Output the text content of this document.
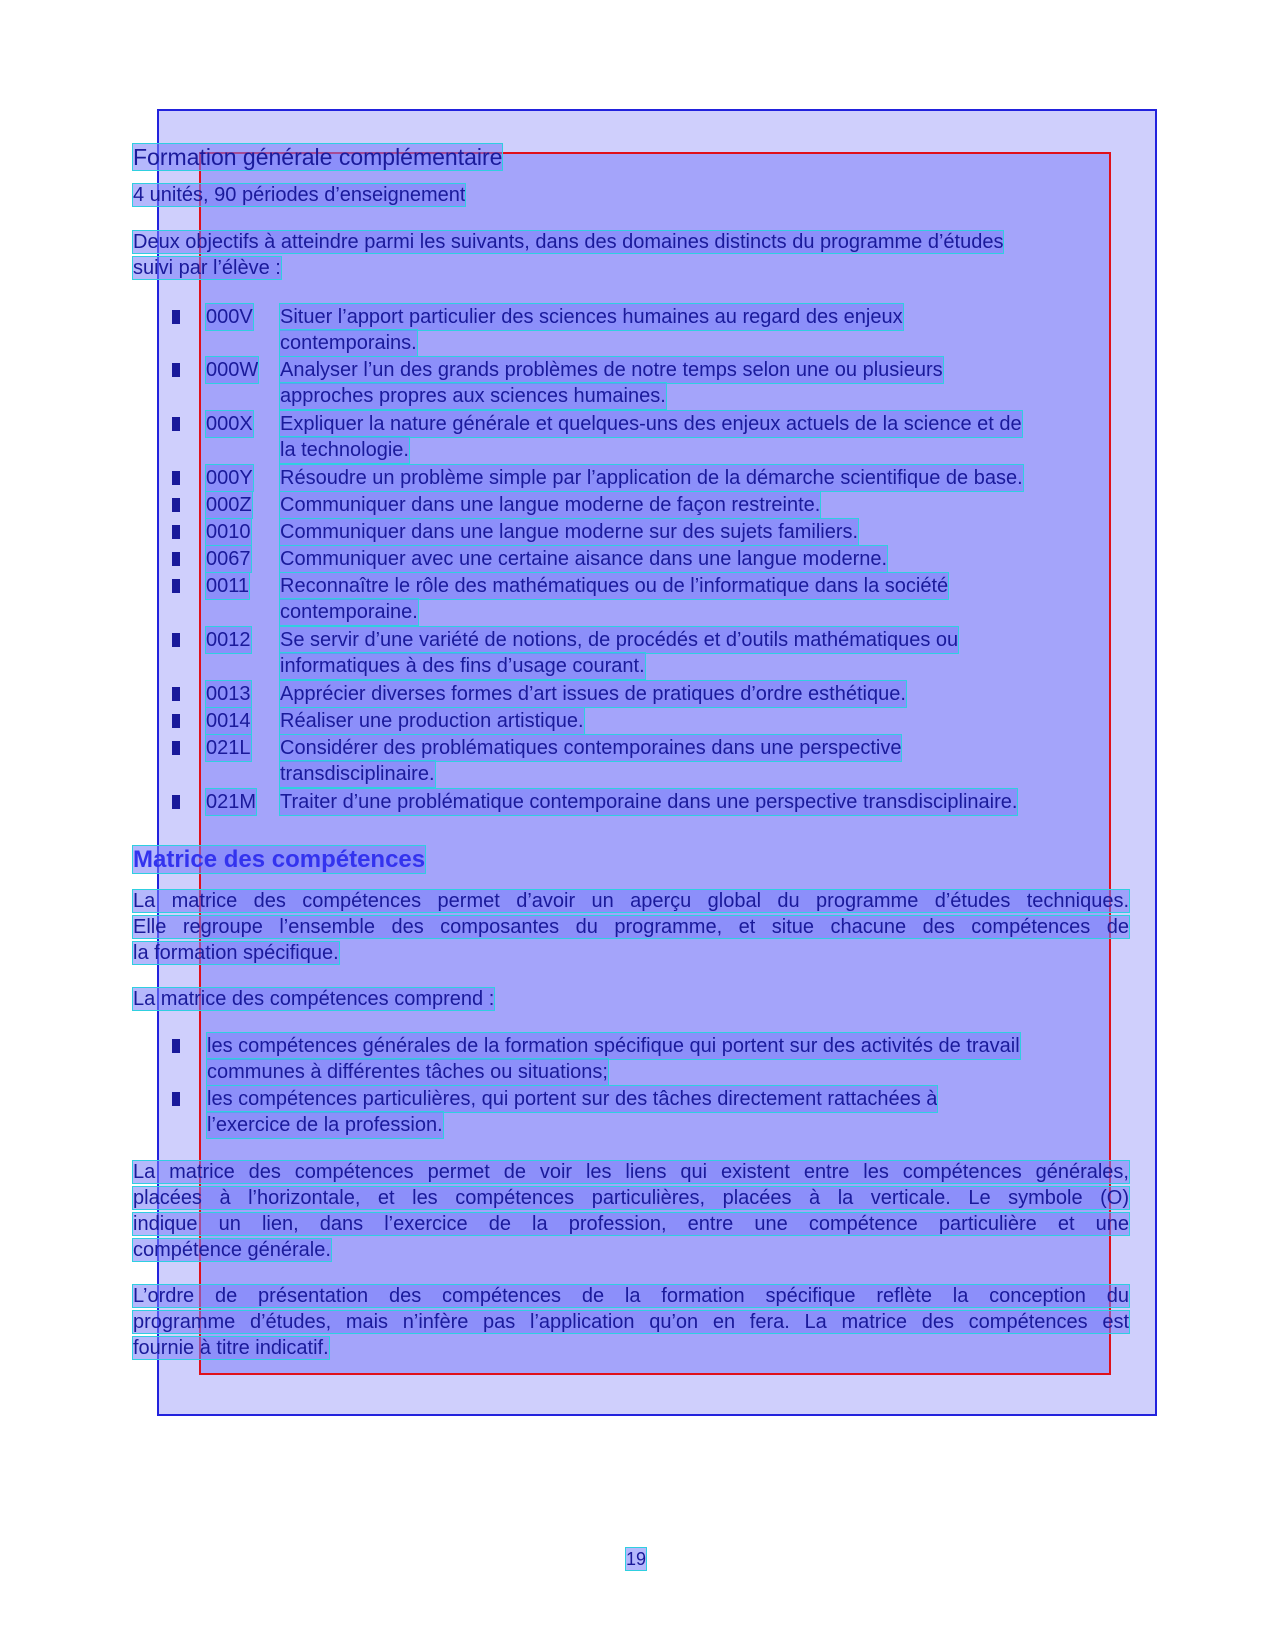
Formation générale complémentaire

4 unités, 90 périodes d’enseignement

Deux objectifs à atteindre parmi les suivants, dans des domaines distincts du programme d’études

suivi par l’élève :

000V Situer l’apport particulier des sciences humaines au regard des enjeux
contemporains.
000W Analyser l’un des grands problèmes de notre temps selon une ou plusieurs
approches propres aux sciences humaines.
000X Expliquer la nature générale et quelques-uns des enjeux actuels de la science et de
la technologie.
000Y Résoudre un problème simple par l’application de la démarche scientifique de base.
000Z Communiquer dans une langue moderne de façon restreinte.
0010 Communiquer dans une langue moderne sur des sujets familiers.
0067 Communiquer avec une certaine aisance dans une langue moderne.
0011 Reconnaître le rôle des mathématiques ou de l’informatique dans la société
contemporaine.
0012 Se servir d’une variété de notions, de procédés et d’outils mathématiques ou
informatiques à des fins d’usage courant.
0013 Apprécier diverses formes d’art issues de pratiques d’ordre esthétique.
0014 Réaliser une production artistique.
021L Considérer des problématiques contemporaines dans une perspective
transdisciplinaire.
021M Traiter d’une problématique contemporaine dans une perspective transdisciplinaire.

Matrice des compétences

La matrice des compétences permet d’avoir un aperçu global du programme d’études techniques.
Elle regroupe l’ensemble des composantes du programme, et situe chacune des compétences de
la formation spécifique.

La matrice des compétences comprend :

les compétences générales de la formation spécifique qui portent sur des activités de travail
communes à différentes tâches ou situations;
les compétences particulières, qui portent sur des tâches directement rattachées à
l’exercice de la profession.
La matrice des compétences permet de voir les liens qui existent entre les compétences générales,
placées à l’horizontale, et les compétences particulières, placées à la verticale. Le symbole (O)
indique un lien, dans l’exercice de la profession, entre une compétence particulière et une
compétence générale.
L’ordre de présentation des compétences de la formation spécifique reflète la conception du
programme d’études, mais n’infère pas l’application qu’on en fera. La matrice des compétences est
fournie à titre indicatif.
19
